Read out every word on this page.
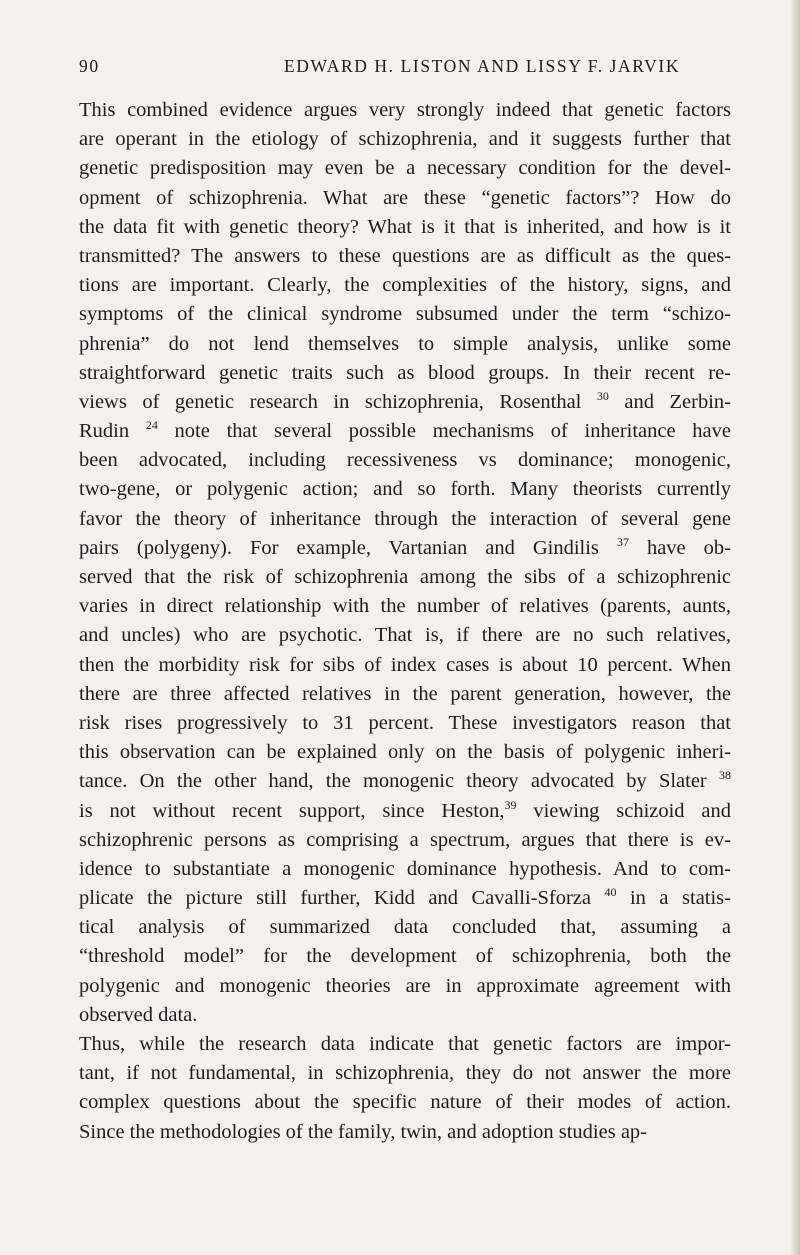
90	EDWARD H. LISTON AND LISSY F. JARVIK

This combined evidence argues very strongly indeed that genetic factors
are operant in the etiology of schizophrenia, and it suggests further that
genetic predisposition may even be a necessary condition for the devel-
opment of schizophrenia. What are these “genetic factors”? How do
the data fit with genetic theory? What is it that is inherited, and how is it
transmitted? The answers to these questions are as difficult as the ques-
tions are important. Clearly, the complexities of the history, signs, and
symptoms of the clinical syndrome subsumed under the term “schizo-
phrenia” do not lend themselves to simple analysis, unlike some
straightforward genetic traits such as blood groups. In their recent re-
views of genetic research in schizophrenia, Rosenthal $^{30}$ and Zerbin-
Rudin $^{24}$ note that several possible mechanisms of inheritance have
been advocated, including recessiveness vs dominance; monogenic,
two-gene, or polygenic action; and so forth. Many theorists currently
favor the theory of inheritance through the interaction of several gene
pairs (polygeny). For example, Vartanian and Gindilis $^{37}$ have ob-
served that the risk of schizophrenia among the sibs of a schizophrenic
varies in direct relationship with the number of relatives (parents, aunts,
and uncles) who are psychotic. That is, if there are no such relatives,
then the morbidity risk for sibs of index cases is about 10 percent. When
there are three affected relatives in the parent generation, however, the
risk rises progressively to 31 percent. These investigators reason that
this observation can be explained only on the basis of polygenic inheri-
tance. On the other hand, the monogenic theory advocated by Slater $^{38}$
is not without recent support, since Heston,$^{39}$ viewing schizoid and
schizophrenic persons as comprising a spectrum, argues that there is ev-
idence to substantiate a monogenic dominance hypothesis. And to com-
plicate the picture still further, Kidd and Cavalli-Sforza $^{40}$ in a statis-
tical analysis of summarized data concluded that, assuming a
“threshold model” for the development of schizophrenia, both the
polygenic and monogenic theories are in approximate agreement with
observed data.

Thus, while the research data indicate that genetic factors are impor-
tant, if not fundamental, in schizophrenia, they do not answer the more
complex questions about the specific nature of their modes of action.
Since the methodologies of the family, twin, and adoption studies ap-
